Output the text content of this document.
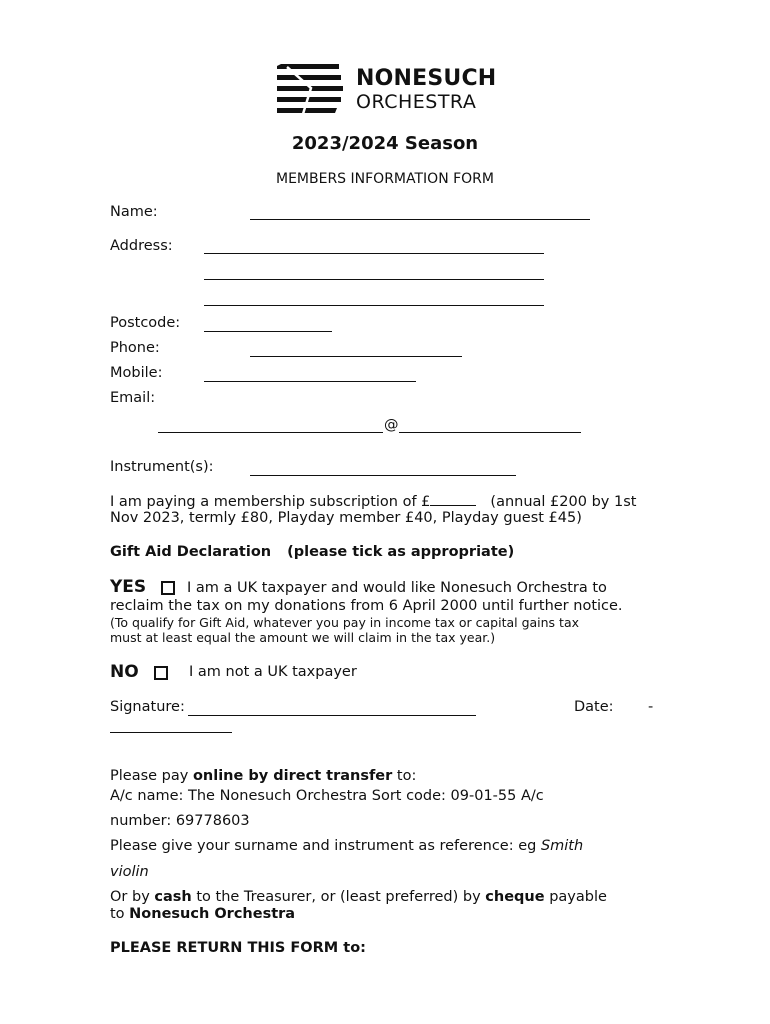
NONESUCH
ORCHESTRA
2023/2024 Season
MEMBERS INFORMATION FORM
Name:
Address:
Postcode:
Phone:
Mobile:
Email:
@
Instrument(s):
I am paying a membership subscription of £	(annual £200 by 1st
Nov 2023, termly £80, Playday member £40, Playday guest £45)
Gift Aid Declaration (please tick as appropriate)
YES	I am a UK taxpayer and would like Nonesuch Orchestra to
reclaim the tax on my donations from 6 April 2000 until further notice.
(To qualify for Gift Aid, whatever you pay in income tax or capital gains tax
must at least equal the amount we will claim in the tax year.)
NO	I am not a UK taxpayer
Signature:	Date: -
Please pay online by direct transfer to:
A/c name: The Nonesuch Orchestra Sort code: 09-01-55 A/c
number: 69778603
Please give your surname and instrument as reference: eg Smith
violin
Or by cash to the Treasurer, or (least preferred) by cheque payable
to Nonesuch Orchestra
PLEASE RETURN THIS FORM to:
